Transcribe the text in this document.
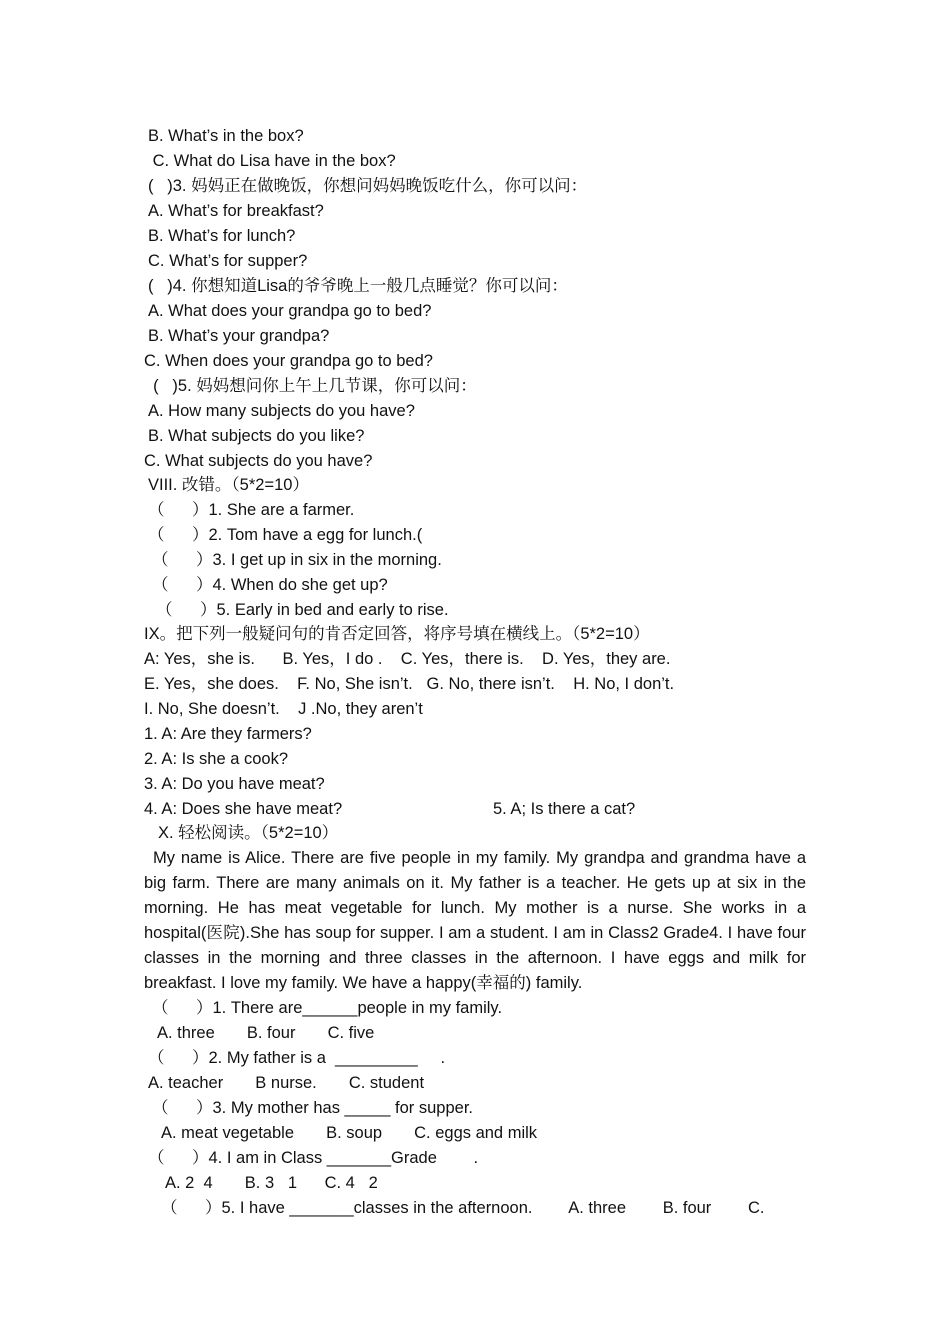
B. What’s in the box?
C. What do Lisa have in the box?
(   )3. 妈妈正在做晚饭，你想问妈妈晚饭吃什么，你可以问：
A. What’s for breakfast?
B. What’s for lunch?
C. What’s for supper?
(   )4. 你想知道Lisa的爷爷晚上一般几点睡觉？你可以问：
A. What does your grandpa go to bed?
B. What’s your grandpa?
C. When does your grandpa go to bed?
(   )5. 妈妈想问你上午上几节课，你可以问：
A. How many subjects do you have?
B. What subjects do you like?
C. What subjects do you have?
VIII. 改错。（5*2=10）
（      ）1. She are a farmer.
（      ）2. Tom have a egg for lunch.(
（      ）3. I get up in six in the morning.
（      ）4. When do she get up?
（      ）5. Early in bed and early to rise.
IX。把下列一般疑问句的肯否定回答，将序号填在横线上。（5*2=10）
A: Yes，she is.      B. Yes，I do .    C. Yes，there is.    D. Yes，they are.
E. Yes，she does.    F. No, She isn’t.   G. No, there isn’t.    H. No, I don’t.
I. No, She doesn’t.    J .No, they aren’t
1. A: Are they farmers?
2. A: Is she a cook?
3. A: Do you have meat?
4. A: Does she have meat?	5. A; Is there a cat?
X. 轻松阅读。（5*2=10）
My name is Alice. There are five people in my family. My grandpa and grandma have a big farm. There are many animals on it. My father is a teacher. He gets up at six in the morning. He has meat vegetable for lunch. My mother is a nurse. She works in a hospital(医院).She has soup for supper. I am a student. I am in Class2 Grade4. I have four classes in the morning and three classes in the afternoon. I have eggs and milk for breakfast. I love my family. We have a happy(幸福的) family.
（      ）1. There are______people in my family.
A. three       B. four       C. five
（      ）2. My father is a  _________     .
A. teacher       B nurse.       C. student
（      ）3. My mother has _____ for supper.
A. meat vegetable       B. soup       C. eggs and milk
（      ）4. I am in Class _______Grade        .
A. 2  4       B. 3   1      C. 4   2
（      ）5. I have _______classes in the afternoon.        A. three        B. four        C.
